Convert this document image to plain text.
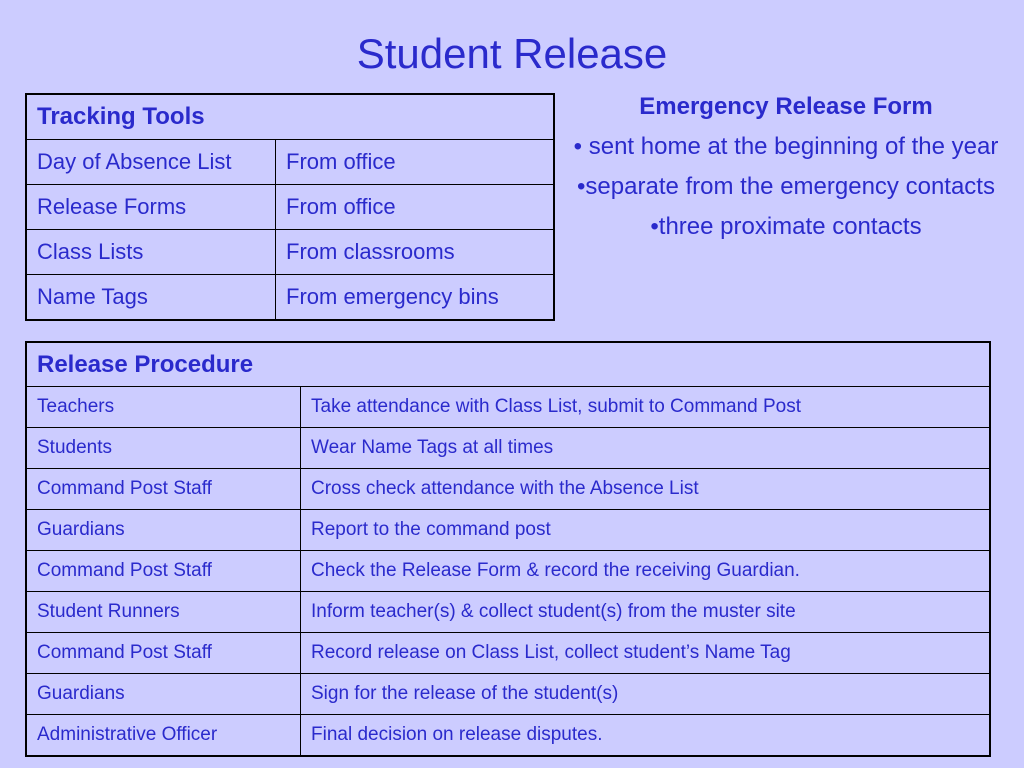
Student Release
Tracking Tools	
Day of Absence List	From office
Release Forms	From office
Class Lists	From classrooms
Name Tags	From emergency bins
Emergency Release Form
• sent home at the beginning of the year
•separate from the emergency contacts
•three proximate contacts
Release Procedure	
Teachers	Take attendance with Class List, submit to Command Post
Students	Wear Name Tags at all times
Command Post Staff	Cross check attendance with the Absence List
Guardians	Report to the command post
Command Post Staff	Check the Release Form & record the receiving Guardian.
Student Runners	Inform teacher(s) & collect student(s) from the muster site
Command Post Staff	Record release on Class List, collect student’s Name Tag
Guardians	Sign for the release of the student(s)
Administrative Officer	Final decision on release disputes.
